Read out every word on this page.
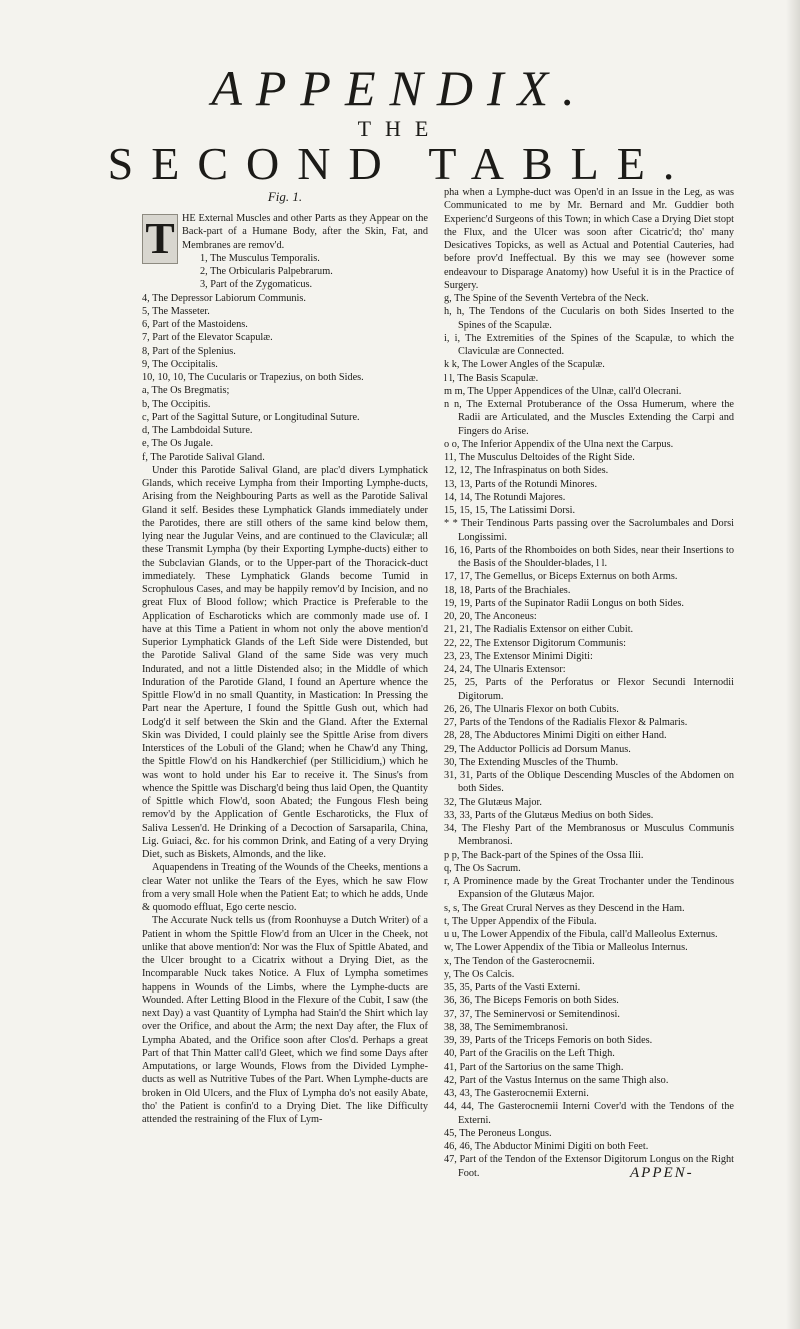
APPENDIX.
THE
SECOND TABLE.
Fig. 1.

T HE External Muscles and other Parts as they Appear on the Back-part of a Humane Body, after the Skin, Fat, and Membranes are remov'd.

1, The Musculus Temporalis.

2, The Orbicularis Palpebrarum.

3, Part of the Zygomaticus.

4, The Depressor Labiorum Communis.

5, The Masseter.

6, Part of the Mastoidens.

7, Part of the Elevator Scapulæ.

8, Part of the Splenius.

9, The Occipitalis.

10, 10, 10, The Cucularis or Trapezius, on both Sides.

a, The Os Bregmatis;

b, The Occipitis.

c, Part of the Sagittal Suture, or Longitudinal Suture.

d, The Lambdoidal Suture.

e, The Os Jugale.

f, The Parotide Salival Gland.

Under this Parotide Salival Gland, are plac'd divers Lymphatick Glands, which receive Lympha from their Importing Lymphe-ducts, Arising from the Neighbouring Parts as well as the Parotide Salival Gland it self. Besides these Lymphatick Glands immediately under the Parotides, there are still others of the same kind below them, lying near the Jugular Veins, and are continued to the Claviculæ; all these Transmit Lympha (by their Exporting Lymphe-ducts) either to the Subclavian Glands, or to the Upper-part of the Thoracick-duct immediately. These Lymphatick Glands become Tumid in Scrophulous Cases, and may be happily remov'd by Incision, and no great Flux of Blood follow; which Practice is Preferable to the Application of Escharoticks which are commonly made use of. I have at this Time a Patient in whom not only the above mention'd Superior Lymphatick Glands of the Left Side were Distended, but the Parotide Salival Gland of the same Side was very much Indurated, and not a little Distended also; in the Middle of which Induration of the Parotide Gland, I found an Aperture whence the Spittle Flow'd in no small Quantity, in Mastication: In Pressing the Part near the Aperture, I found the Spittle Gush out, which had Lodg'd it self between the Skin and the Gland. After the External Skin was Divided, I could plainly see the Spittle Arise from divers Interstices of the Lobuli of the Gland; when he Chaw'd any Thing, the Spittle Flow'd on his Handkerchief (per Stillicidium,) which he was wont to hold under his Ear to receive it. The Sinus's from whence the Spittle was Discharg'd being thus laid Open, the Quantity of Spittle which Flow'd, soon Abated; the Fungous Flesh being remov'd by the Application of Gentle Escharoticks, the Flux of Saliva Lessen'd. He Drinking of a Decoction of Sarsaparila, China, Lig. Guiaci, &c. for his common Drink, and Eating of a very Drying Diet, such as Biskets, Almonds, and the like.

Aquapendens in Treating of the Wounds of the Cheeks, mentions a clear Water not unlike the Tears of the Eyes, which he saw Flow from a very small Hole when the Patient Eat; to which he adds, Unde & quomodo effluat, Ego certe nescio.

The Accurate Nuck tells us (from Roonhuyse a Dutch Writer) of a Patient in whom the Spittle Flow'd from an Ulcer in the Cheek, not unlike that above mention'd: Nor was the Flux of Spittle Abated, and the Ulcer brought to a Cicatrix without a Drying Diet, as the Incomparable Nuck takes Notice. A Flux of Lympha sometimes happens in Wounds of the Limbs, where the Lymphe-ducts are Wounded. After Letting Blood in the Flexure of the Cubit, I saw (the next Day) a vast Quantity of Lympha had Stain'd the Shirt which lay over the Orifice, and about the Arm; the next Day after, the Flux of Lympha Abated, and the Orifice soon after Clos'd. Perhaps a great Part of that Thin Matter call'd Gleet, which we find some Days after Amputations, or large Wounds, Flows from the Divided Lymphe-ducts as well as Nutritive Tubes of the Part. When Lymphe-ducts are broken in Old Ulcers, and the Flux of Lympha do's not easily Abate, tho' the Patient is confin'd to a Drying Diet. The like Difficulty attended the restraining of the Flux of Lym-

pha when a Lymphe-duct was Open'd in an Issue in the Leg, as was Communicated to me by Mr. Bernard and Mr. Guddier both Experienc'd Surgeons of this Town; in which Case a Drying Diet stopt the Flux, and the Ulcer was soon after Cicatric'd; tho' many Desicatives Topicks, as well as Actual and Potential Cauteries, had before prov'd Ineffectual. By this we may see (however some endeavour to Disparage Anatomy) how Useful it is in the Practice of Surgery.

g, The Spine of the Seventh Vertebra of the Neck.

h, h, The Tendons of the Cucularis on both Sides Inserted to the Spines of the Scapulæ.

i, i, The Extremities of the Spines of the Scapulæ, to which the Claviculæ are Connected.

k k, The Lower Angles of the Scapulæ.

l l, The Basis Scapulæ.

m m, The Upper Appendices of the Ulnæ, call'd Olecrani.

n n, The External Protuberance of the Ossa Humerum, where the Radii are Articulated, and the Muscles Extending the Carpi and Fingers do Arise.

o o, The Inferior Appendix of the Ulna next the Carpus.

11, The Musculus Deltoides of the Right Side.

12, 12, The Infraspinatus on both Sides.

13, 13, Parts of the Rotundi Minores.

14, 14, The Rotundi Majores.

15, 15, 15, The Latissimi Dorsi.

* * Their Tendinous Parts passing over the Sacrolumbales and Dorsi Longissimi.

16, 16, Parts of the Rhomboides on both Sides, near their Insertions to the Basis of the Shoulder-blades, l l.

17, 17, The Gemellus, or Biceps Externus on both Arms.

18, 18, Parts of the Brachiales.

19, 19, Parts of the Supinator Radii Longus on both Sides.

20, 20, The Anconeus:

21, 21, The Radialis Extensor on either Cubit.

22, 22, The Extensor Digitorum Communis:

23, 23, The Extensor Minimi Digiti:

24, 24, The Ulnaris Extensor:

25, 25, Parts of the Perforatus or Flexor Secundi Internodii Digitorum.

26, 26, The Ulnaris Flexor on both Cubits.

27, Parts of the Tendons of the Radialis Flexor & Palmaris.

28, 28, The Abductores Minimi Digiti on either Hand.

29, The Adductor Pollicis ad Dorsum Manus.

30, The Extending Muscles of the Thumb.

31, 31, Parts of the Oblique Descending Muscles of the Abdomen on both Sides.

32, The Glutæus Major.

33, 33, Parts of the Glutæus Medius on both Sides.

34, The Fleshy Part of the Membranosus or Musculus Communis Membranosi.

p p, The Back-part of the Spines of the Ossa Ilii.

q, The Os Sacrum.

r, A Prominence made by the Great Trochanter under the Tendinous Expansion of the Glutæus Major.

s, s, The Great Crural Nerves as they Descend in the Ham.

t, The Upper Appendix of the Fibula.

u u, The Lower Appendix of the Fibula, call'd Malleolus Externus.

w, The Lower Appendix of the Tibia or Malleolus Internus.

x, The Tendon of the Gasterocnemii.

y, The Os Calcis.

35, 35, Parts of the Vasti Externi.

36, 36, The Biceps Femoris on both Sides.

37, 37, The Seminervosi or Semitendinosi.

38, 38, The Semimembranosi.

39, 39, Parts of the Triceps Femoris on both Sides.

40, Part of the Gracilis on the Left Thigh.

41, Part of the Sartorius on the same Thigh.

42, Part of the Vastus Internus on the same Thigh also.

43, 43, The Gasterocnemii Externi.

44, 44, The Gasterocnemii Interni Cover'd with the Tendons of the Externi.

45, The Peroneus Longus.

46, 46, The Abductor Minimi Digiti on both Feet.

47, Part of the Tendon of the Extensor Digitorum Longus on the Right Foot.	APPEN-
